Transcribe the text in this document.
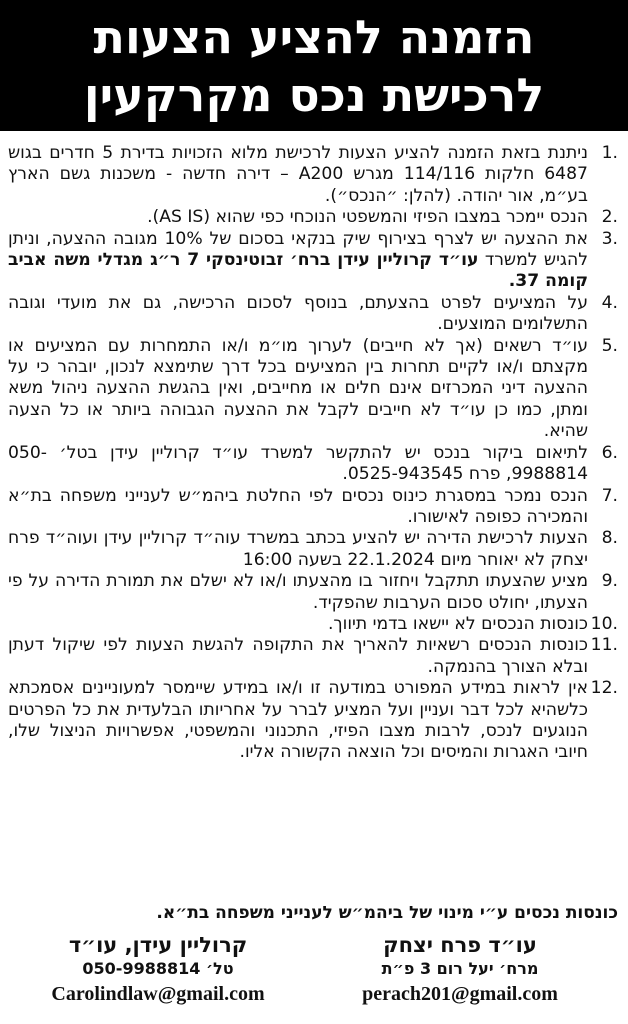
הזמנה להציע הצעות
לרכישת נכס מקרקעין

1.
ניתנת בזאת הזמנה להציע הצעות לרכישת מלוא הזכויות בדירת 5 חדרים בגוש 6487 חלקות 114/116 מגרש A200 – דירה חדשה - משכנות גשם הארץ בע״מ, אור יהודה. (להלן: ״הנכס״).

2.
הנכס יימכר במצבו הפיזי והמשפטי הנוכחי כפי שהוא (AS IS).

3.
את ההצעה יש לצרף בצירוף שיק בנקאי בסכום של 10% מגובה ההצעה, וניתן להגיש למשרד עו״ד קרוליין עידן ברח׳ זבוטינסקי 7 ר״ג מגדלי משה אביב קומה 37.

4.
על המציעים לפרט בהצעתם, בנוסף לסכום הרכישה, גם את מועדי וגובה התשלומים המוצעים.

5.
עו״ד רשאים (אך לא חייבים) לערוך מו״מ ו/או התמחרות עם המציעים או מקצתם ו/או לקיים תחרות בין המציעים בכל דרך שתימצא לנכון, יובהר כי על ההצעה דיני המכרזים אינם חלים או מחייבים, ואין בהגשת ההצעה ניהול משא ומתן, כמו כן עו״ד לא חייבים לקבל את ההצעה הגבוהה ביותר או כל הצעה שהיא.

6.
לתיאום ביקור בנכס יש להתקשר למשרד עו״ד קרוליין עידן בטל׳ 050-9988814, פרח 0525-943545.

7.
הנכס נמכר במסגרת כינוס נכסים לפי החלטת ביהמ״ש לענייני משפחה בת״א והמכירה כפופה לאישורו.

8.
הצעות לרכישת הדירה יש להציע בכתב במשרד עוה״ד קרוליין עידן ועוה״ד פרח יצחק לא יאוחר מיום 22.1.2024 בשעה 16:00

9.
מציע שהצעתו תתקבל ויחזור בו מהצעתו ו/או לא ישלם את תמורת הדירה על פי הצעתו, יחולט סכום הערבות שהפקיד.

10.
כונסות הנכסים לא יישאו בדמי תיווך.

11.
כונסות הנכסים רשאיות להאריך את התקופה להגשת הצעות לפי שיקול דעתן ובלא הצורך בהנמקה.

12.
אין לראות במידע המפורט במודעה זו ו/או במידע שיימסר למעוניינים אסמכתא כלשהיא לכל דבר ועניין ועל המציע לברר על אחריותו הבלעדית את כל הפרטים הנוגעים לנכס, לרבות מצבו הפיזי, התכנוני והמשפטי, אפשרויות הניצול שלו, חיובי האגרות והמיסים וכל הוצאה הקשורה אליו.

כונסות נכסים ע״י מינוי של ביהמ״ש לענייני משפחה בת״א.
עו״ד פרח יצחק
מרח׳ יעל רום 3 פ״ת
perach201@gmail.com
קרוליין עידן, עו״ד
טל׳ 050-9988814
Carolindlaw@gmail.com
